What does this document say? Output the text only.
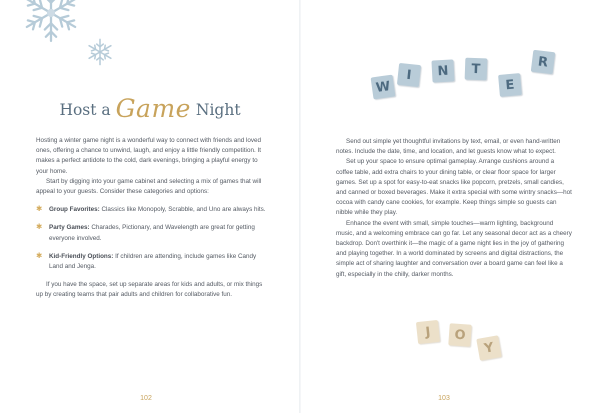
Host a Game Night

Hosting a winter game night is a wonderful way to connect with friends and loved ones, offering a chance to unwind, laugh, and enjoy a little friendly competition. It makes a perfect antidote to the cold, dark evenings, bringing a playful energy to your home.

Start by digging into your game cabinet and selecting a mix of games that will appeal to your guests. Consider these categories and options:

✱ Group Favorites: Classics like Monopoly, Scrabble, and Uno are always hits.

✱ Party Games: Charades, Pictionary, and Wavelength are great for getting everyone involved.

✱ Kid-Friendly Options: If children are attending, include games like Candy Land and Jenga.

If you have the space, set up separate areas for kids and adults, or mix things up by creating teams that pair adults and children for collaborative fun.

102
W
I	N	T
E
R

Send out simple yet thoughtful invitations by text, email, or even hand-written notes. Include the date, time, and location, and let guests know what to expect.

Set up your space to ensure optimal gameplay. Arrange cushions around a coffee table, add extra chairs to your dining table, or clear floor space for larger games. Set up a spot for easy-to-eat snacks like popcorn, pretzels, small candies, and canned or boxed beverages. Make it extra special with some wintry snacks—hot cocoa with candy cane cookies, for example. Keep things simple so guests can nibble while they play.

Enhance the event with small, simple touches—warm lighting, background music, and a welcoming embrace can go far. Let any seasonal decor act as a cheery backdrop. Don't overthink it—the magic of a game night lies in the joy of gathering and playing together. In a world dominated by screens and digital distractions, the simple act of sharing laughter and conversation over a board game can feel like a gift, especially in the chilly, darker months.

J	O
Y
103
